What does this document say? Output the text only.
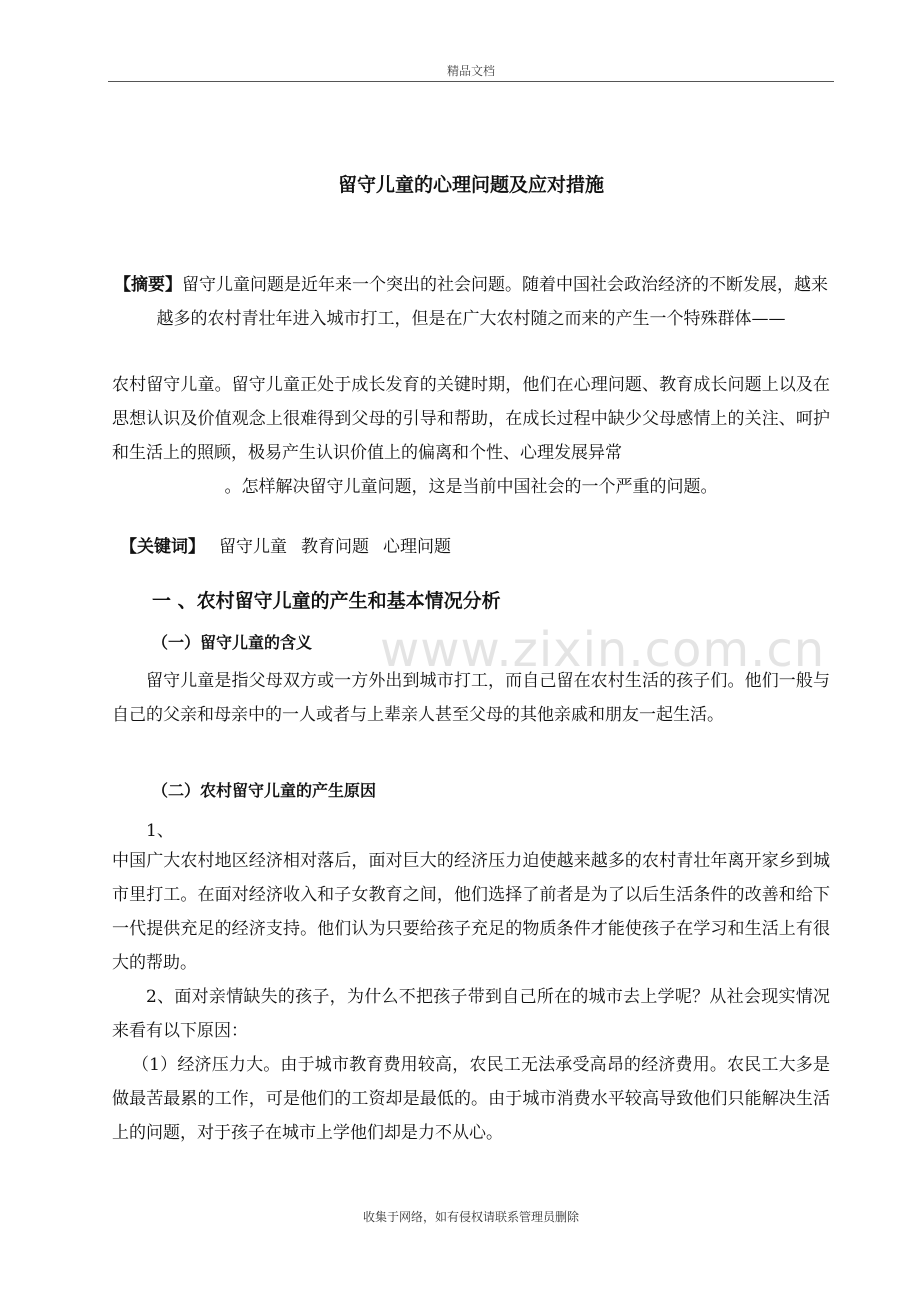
精品文档
www.zixin.com.cn
留守儿童的心理问题及应对措施
【摘要】留守儿童问题是近年来一个突出的社会问题。随着中国社会政治经济的不断发展，越来越多的农村青壮年进入城市打工，但是在广大农村随之而来的产生一个特殊群体——
农村留守儿童。留守儿童正处于成长发育的关键时期，他们在心理问题、教育成长问题上以及在思想认识及价值观念上很难得到父母的引导和帮助，在成长过程中缺少父母感情上的关注、呵护和生活上的照顾，极易产生认识价值上的偏离和个性、心理发展异常
。怎样解决留守儿童问题，这是当前中国社会的一个严重的问题。
【关键词】 留守儿童 教育问题 心理问题
一 、农村留守儿童的产生和基本情况分析
（一）留守儿童的含义
留守儿童是指父母双方或一方外出到城市打工，而自己留在农村生活的孩子们。他们一般与自己的父亲和母亲中的一人或者与上辈亲人甚至父母的其他亲戚和朋友一起生活。
（二）农村留守儿童的产生原因
1、
中国广大农村地区经济相对落后，面对巨大的经济压力迫使越来越多的农村青壮年离开家乡到城市里打工。在面对经济收入和子女教育之间，他们选择了前者是为了以后生活条件的改善和给下一代提供充足的经济支持。他们认为只要给孩子充足的物质条件才能使孩子在学习和生活上有很大的帮助。
2、面对亲情缺失的孩子，为什么不把孩子带到自己所在的城市去上学呢？从社会现实情况来看有以下原因：
（1）经济压力大。由于城市教育费用较高，农民工无法承受高昂的经济费用。农民工大多是做最苦最累的工作，可是他们的工资却是最低的。由于城市消费水平较高导致他们只能解决生活上的问题，对于孩子在城市上学他们却是力不从心。
收集于网络，如有侵权请联系管理员删除
